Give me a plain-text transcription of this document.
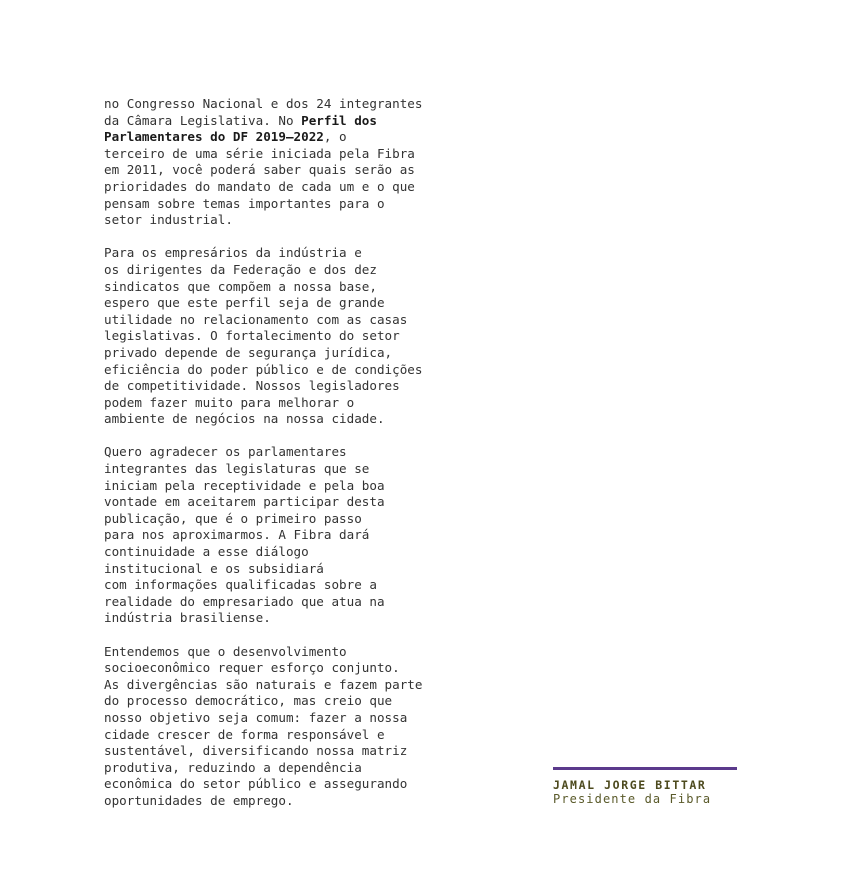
no Congresso Nacional e dos 24 integrantes
da Câmara Legislativa. No Perfil dos
Parlamentares do DF 2019–2022, o
terceiro de uma série iniciada pela Fibra
em 2011, você poderá saber quais serão as
prioridades do mandato de cada um e o que
pensam sobre temas importantes para o
setor industrial.

Para os empresários da indústria e
os dirigentes da Federação e dos dez
sindicatos que compõem a nossa base,
espero que este perfil seja de grande
utilidade no relacionamento com as casas
legislativas. O fortalecimento do setor
privado depende de segurança jurídica,
eficiência do poder público e de condições
de competitividade. Nossos legisladores
podem fazer muito para melhorar o
ambiente de negócios na nossa cidade.

Quero agradecer os parlamentares
integrantes das legislaturas que se
iniciam pela receptividade e pela boa
vontade em aceitarem participar desta
publicação, que é o primeiro passo
para nos aproximarmos. A Fibra dará
continuidade a esse diálogo
institucional e os subsidiará
com informações qualificadas sobre a
realidade do empresariado que atua na
indústria brasiliense.

Entendemos que o desenvolvimento
socioeconômico requer esforço conjunto.
As divergências são naturais e fazem parte
do processo democrático, mas creio que
nosso objetivo seja comum: fazer a nossa
cidade crescer de forma responsável e
sustentável, diversificando nossa matriz
produtiva, reduzindo a dependência
econômica do setor público e assegurando
oportunidades de emprego.

JAMAL JORGE BITTAR
Presidente da Fibra
